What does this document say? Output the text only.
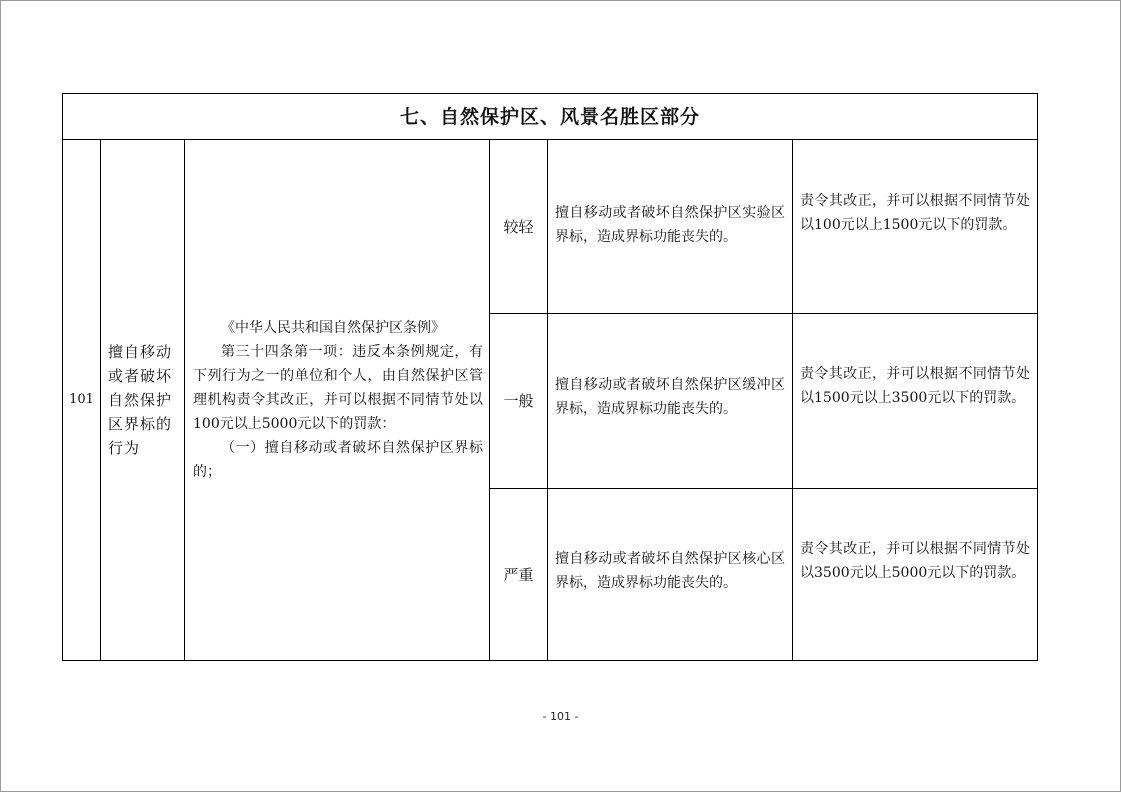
七、自然保护区、风景名胜区部分					
101	擅自移动或者破坏自然保护区界标的行为	《中华人民共和国自然保护区条例》
第三十四条第一项：违反本条例规定，有下列行为之一的单位和个人，由自然保护区管理机构责令其改正，并可以根据不同情节处以100元以上5000元以下的罚款：
（一）擅自移动或者破坏自然保护区界标的；	较轻	擅自移动或者破坏自然保护区实验区界标，造成界标功能丧失的。	责令其改正，并可以根据不同情节处以100元以上1500元以下的罚款。
			一般	擅自移动或者破坏自然保护区缓冲区界标，造成界标功能丧失的。	责令其改正，并可以根据不同情节处以1500元以上3500元以下的罚款。
			严重	擅自移动或者破坏自然保护区核心区界标，造成界标功能丧失的。	责令其改正，并可以根据不同情节处以3500元以上5000元以下的罚款。
- 101 -
